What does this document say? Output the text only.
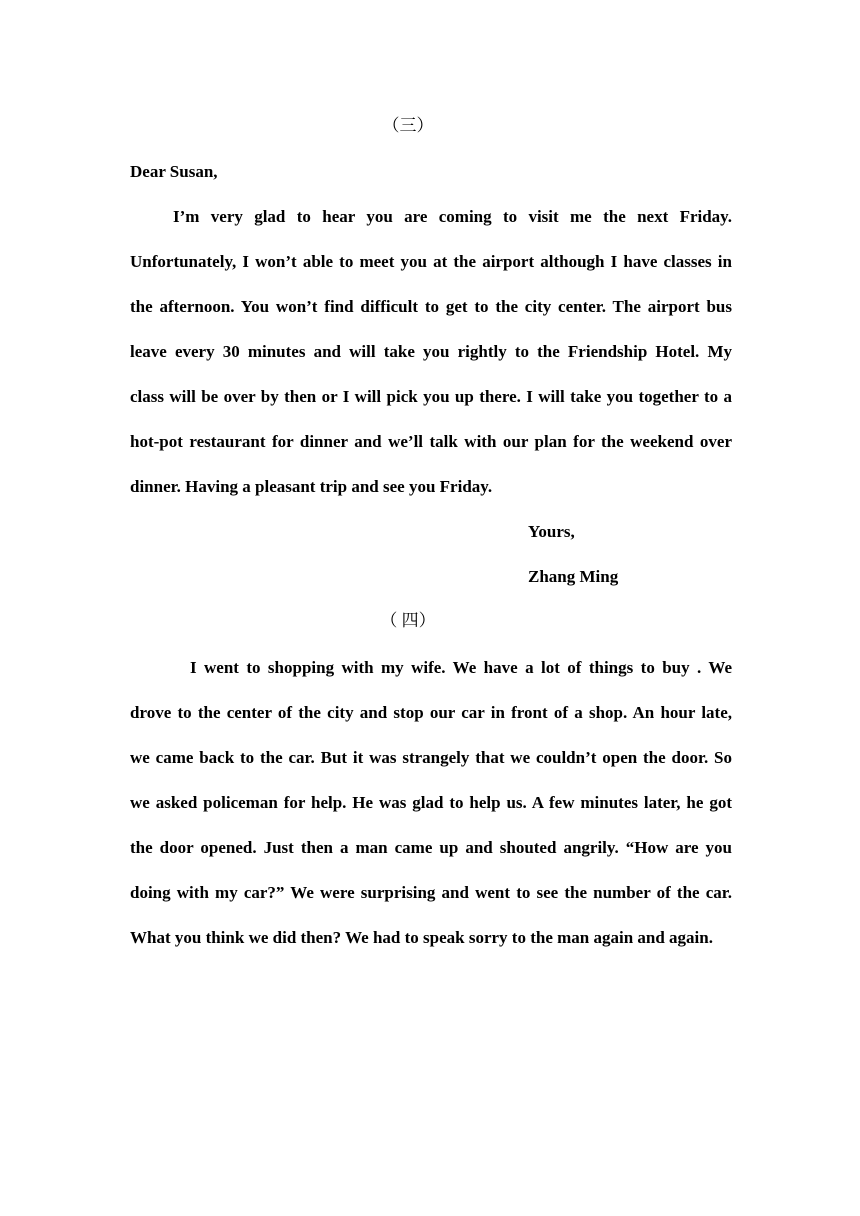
（三）

Dear Susan,

I’m very glad to hear you are coming to visit me the next Friday.

Unfortunately, I won’t able to meet you at the airport although I have classes in

the afternoon. You won’t find difficult to get to the city center. The airport bus

leave every 30 minutes and will take you rightly to the Friendship Hotel. My

class will be over by then or I will pick you up there. I will take you together to a

hot-pot restaurant for dinner and we’ll talk with our plan for the weekend over

dinner. Having a pleasant trip and see you Friday.

Yours,

Zhang Ming

（ 四）

I went to shopping with my wife. We have a lot of things to buy . We

drove to the center of the city and stop our car in front of a shop. An hour late,

we came back to the car. But it was strangely that we couldn’t open the door. So

we asked policeman for help. He was glad to help us. A few minutes later, he got

the door opened. Just then a man came up and shouted angrily. “How are you

doing with my car?” We were surprising and went to see the number of the car.

What you think we did then? We had to speak sorry to the man again and again.
